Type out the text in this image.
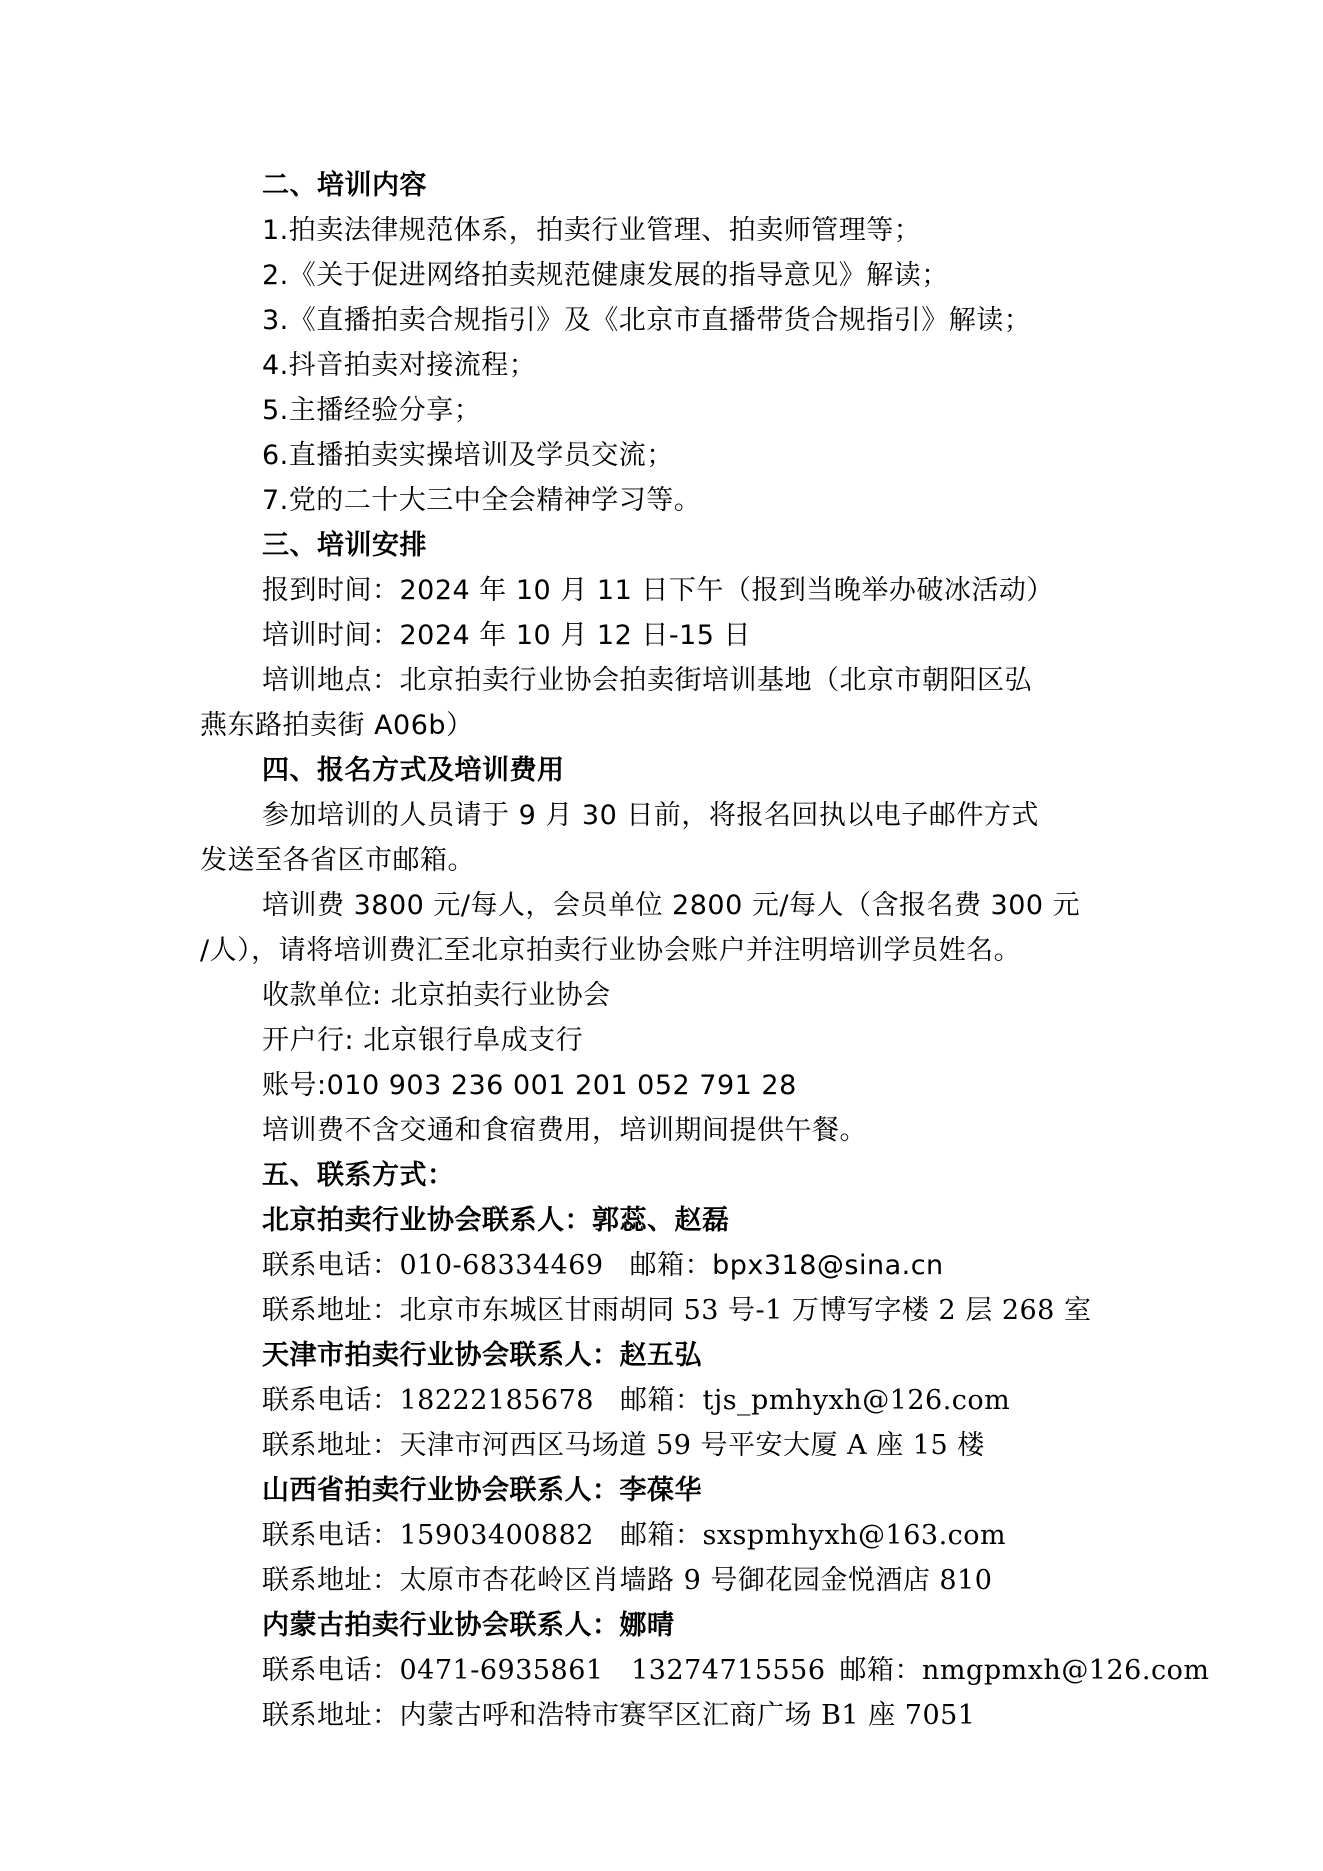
二、培训内容
1.拍卖法律规范体系，拍卖行业管理、拍卖师管理等；
2.《关于促进网络拍卖规范健康发展的指导意见》解读；
3.《直播拍卖合规指引》及《北京市直播带货合规指引》解读；
4.抖音拍卖对接流程；
5.主播经验分享；
6.直播拍卖实操培训及学员交流；
7.党的二十大三中全会精神学习等。
三、培训安排
报到时间：2024 年 10 月 11 日下午（报到当晚举办破冰活动）
培训时间：2024 年 10 月 12 日-15 日
培训地点：北京拍卖行业协会拍卖街培训基地（北京市朝阳区弘
燕东路拍卖街 A06b）
四、报名方式及培训费用
参加培训的人员请于 9 月 30 日前，将报名回执以电子邮件方式
发送至各省区市邮箱。
培训费 3800 元/每人，会员单位 2800 元/每人（含报名费 300 元
/人），请将培训费汇至北京拍卖行业协会账户并注明培训学员姓名。
收款单位: 北京拍卖行业协会
开户行: 北京银行阜成支行
账号:010 903 236 001 201 052 791 28
培训费不含交通和食宿费用，培训期间提供午餐。
五、联系方式：
北京拍卖行业协会联系人：郭蕊、赵磊
联系电话：010-68334469 邮箱：bpx318@sina.cn
联系地址：北京市东城区甘雨胡同 53 号-1 万博写字楼 2 层 268 室
天津市拍卖行业协会联系人：赵五弘
联系电话：18222185678 邮箱：tjs_pmhyxh@126.com
联系地址：天津市河西区马场道 59 号平安大厦 A 座 15 楼
山西省拍卖行业协会联系人：李葆华
联系电话：15903400882 邮箱：sxspmhyxh@163.com
联系地址：太原市杏花岭区肖墙路 9 号御花园金悦酒店 810
内蒙古拍卖行业协会联系人：娜晴
联系电话：0471-6935861　13274715556 邮箱：nmgpmxh@126.com
联系地址：内蒙古呼和浩特市赛罕区汇商广场 B1 座 7051
